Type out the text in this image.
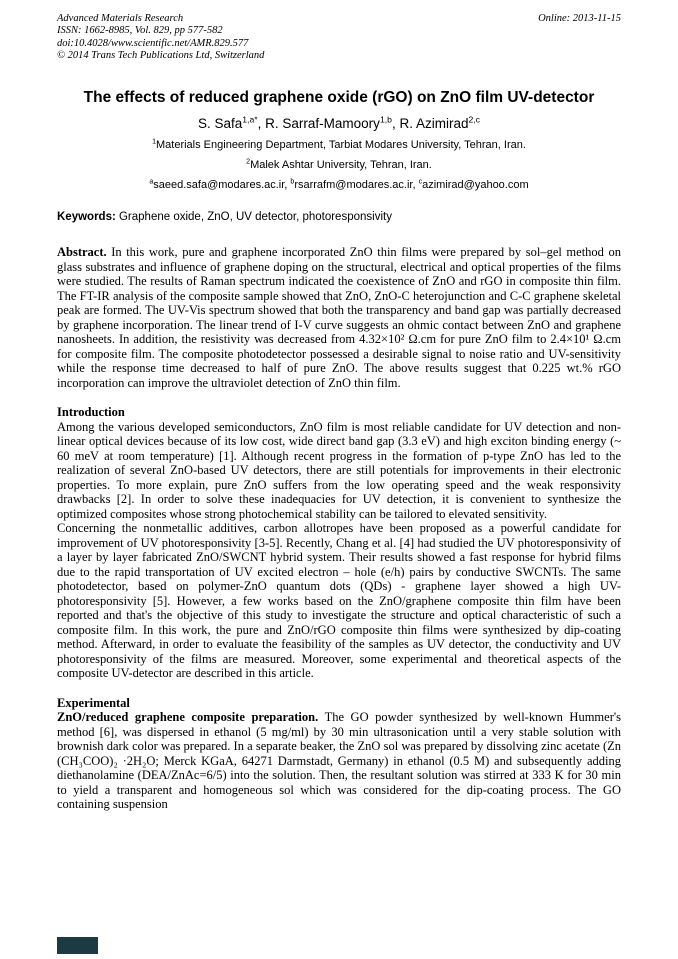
Advanced Materials Research	Online: 2013-11-15

ISSN: 1662-8985, Vol. 829, pp 577-582

doi:10.4028/www.scientific.net/AMR.829.577

© 2014 Trans Tech Publications Ltd, Switzerland

The effects of reduced graphene oxide (rGO) on ZnO film UV-detector

S. Safa$^{1,a*}$, R. Sarraf-Mamoory$^{1,b}$, R. Azimirad$^{2,c}$

$^1$Materials Engineering Department, Tarbiat Modares University, Tehran, Iran.

$^2$Malek Ashtar University, Tehran, Iran.

$^a$saeed.safa@modares.ac.ir, $^b$rsarrafm@modares.ac.ir, $^c$azimirad@yahoo.com

Keywords: Graphene oxide, ZnO, UV detector, photoresponsivity

Abstract. In this work, pure and graphene incorporated ZnO thin films were prepared by sol–gel method on glass substrates and influence of graphene doping on the structural, electrical and optical properties of the films were studied. The results of Raman spectrum indicated the coexistence of ZnO and rGO in composite thin film. The FT-IR analysis of the composite sample showed that ZnO, ZnO-C heterojunction and C-C graphene skeletal peak are formed. The UV-Vis spectrum showed that both the transparency and band gap was partially decreased by graphene incorporation. The linear trend of I-V curve suggests an ohmic contact between ZnO and graphene nanosheets. In addition, the resistivity was decreased from 4.32×10² Ω.cm for pure ZnO film to 2.4×10¹ Ω.cm for composite film. The composite photodetector possessed a desirable signal to noise ratio and UV-sensitivity while the response time decreased to half of pure ZnO. The above results suggest that 0.225 wt.% rGO incorporation can improve the ultraviolet detection of ZnO thin film.

Introduction

Among the various developed semiconductors, ZnO film is most reliable candidate for UV detection and non-linear optical devices because of its low cost, wide direct band gap (3.3 eV) and high exciton binding energy (~ 60 meV at room temperature) [1]. Although recent progress in the formation of p-type ZnO has led to the realization of several ZnO-based UV detectors, there are still potentials for improvements in their electronic properties. To more explain, pure ZnO suffers from the low operating speed and the weak responsivity drawbacks [2]. In order to solve these inadequacies for UV detection, it is convenient to synthesize the optimized composites whose strong photochemical stability can be tailored to elevated sensitivity.

Concerning the nonmetallic additives, carbon allotropes have been proposed as a powerful candidate for improvement of UV photoresponsivity [3-5]. Recently, Chang et al. [4] had studied the UV photoresponsivity of a layer by layer fabricated ZnO/SWCNT hybrid system. Their results showed a fast response for hybrid films due to the rapid transportation of UV excited electron – hole (e/h) pairs by conductive SWCNTs. The same photodetector, based on polymer-ZnO quantum dots (QDs) - graphene layer showed a high UV-photoresponsivity [5]. However, a few works based on the ZnO/graphene composite thin film have been reported and that's the objective of this study to investigate the structure and optical characteristic of such a composite film. In this work, the pure and ZnO/rGO composite thin films were synthesized by dip-coating method. Afterward, in order to evaluate the feasibility of the samples as UV detector, the conductivity and UV photoresponsivity of the films are measured. Moreover, some experimental and theoretical aspects of the composite UV-detector are described in this article.

Experimental

ZnO/reduced graphene composite preparation. The GO powder synthesized by well-known Hummer's method [6], was dispersed in ethanol (5 mg/ml) by 30 min ultrasonication until a very stable solution with brownish dark color was prepared. In a separate beaker, the ZnO sol was prepared by dissolving zinc acetate (Zn (CH₃COO)₂ ·2H₂O; Merck KGaA, 64271 Darmstadt, Germany) in ethanol (0.5 M) and subsequently adding diethanolamine (DEA/ZnAc=6/5) into the solution. Then, the resultant solution was stirred at 333 K for 30 min to yield a transparent and homogeneous sol which was considered for the dip-coating process. The GO containing suspension
